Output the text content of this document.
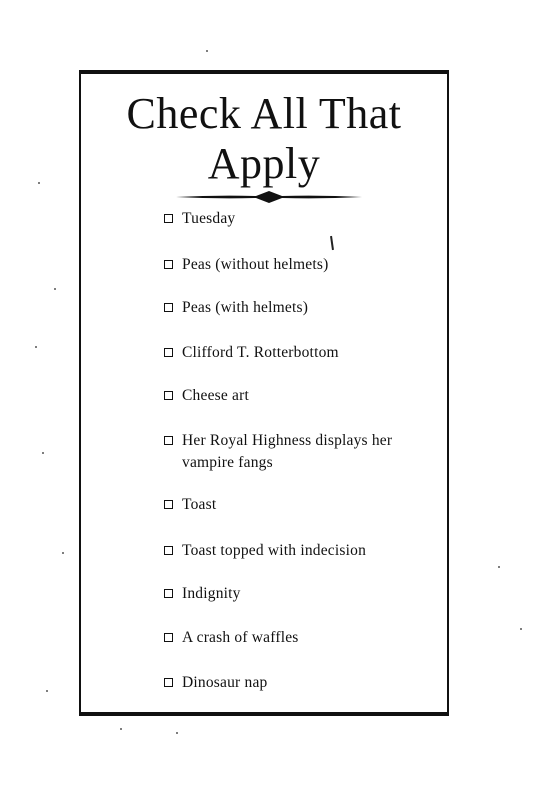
Check All That
Apply
Tuesday
Peas (without helmets)
Peas (with helmets)
Clifford T. Rotterbottom
Cheese art
Her Royal Highness displays her vampire fangs
Toast
Toast topped with indecision
Indignity
A crash of waffles
Dinosaur nap
